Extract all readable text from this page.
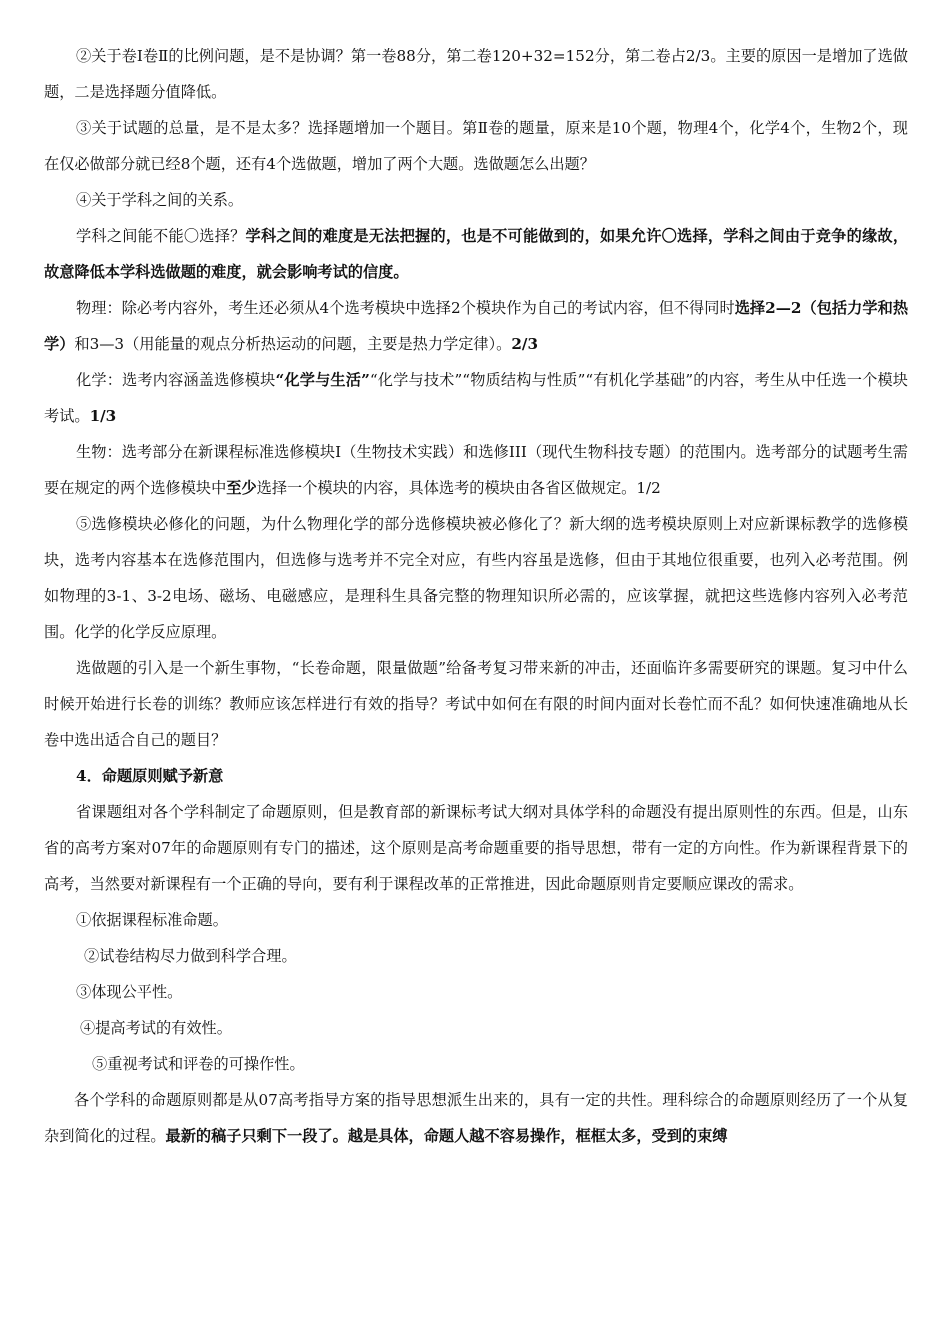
②关于卷Ⅰ卷Ⅱ的比例问题，是不是协调？第一卷88分，第二卷120+32=152分，第二卷占2/3。主要的原因一是增加了选做题，二是选择题分值降低。

③关于试题的总量，是不是太多？选择题增加一个题目。第Ⅱ卷的题量，原来是10个题，物理4个，化学4个，生物2个，现在仅必做部分就已经8个题，还有4个选做题，增加了两个大题。选做题怎么出题？

④关于学科之间的关系。

学科之间能不能〇选择？学科之间的难度是无法把握的，也是不可能做到的，如果允许〇选择，学科之间由于竞争的缘故，故意降低本学科选做题的难度，就会影响考试的信度。

物理：除必考内容外，考生还必须从4个选考模块中选择2个模块作为自己的考试内容，但不得同时选择2—2（包括力学和热学）和3—3（用能量的观点分析热运动的问题，主要是热力学定律）。2/3

化学：选考内容涵盖选修模块“化学与生活”“化学与技术”“物质结构与性质”“有机化学基础”的内容，考生从中任选一个模块考试。1/3

生物：选考部分在新课程标准选修模块I（生物技术实践）和选修III（现代生物科技专题）的范围内。选考部分的试题考生需要在规定的两个选修模块中至少选择一个模块的内容，具体选考的模块由各省区做规定。1/2

⑤选修模块必修化的问题，为什么物理化学的部分选修模块被必修化了？新大纲的选考模块原则上对应新课标教学的选修模块，选考内容基本在选修范围内，但选修与选考并不完全对应，有些内容虽是选修，但由于其地位很重要，也列入必考范围。例如物理的3-1、3-2电场、磁场、电磁感应，是理科生具备完整的物理知识所必需的，应该掌握，就把这些选修内容列入必考范围。化学的化学反应原理。

选做题的引入是一个新生事物，“长卷命题，限量做题”给备考复习带来新的冲击，还面临许多需要研究的课题。复习中什么时候开始进行长卷的训练？教师应该怎样进行有效的指导？考试中如何在有限的时间内面对长卷忙而不乱？如何快速准确地从长卷中选出适合自己的题目？

4．命题原则赋予新意

省课题组对各个学科制定了命题原则，但是教育部的新课标考试大纲对具体学科的命题没有提出原则性的东西。但是，山东省的高考方案对07年的命题原则有专门的描述，这个原则是高考命题重要的指导思想，带有一定的方向性。作为新课程背景下的高考，当然要对新课程有一个正确的导向，要有利于课程改革的正常推进，因此命题原则肯定要顺应课改的需求。

①依据课程标准命题。

②试卷结构尽力做到科学合理。

③体现公平性。

④提高考试的有效性。

⑤重视考试和评卷的可操作性。

各个学科的命题原则都是从07高考指导方案的指导思想派生出来的，具有一定的共性。理科综合的命题原则经历了一个从复杂到简化的过程。最新的稿子只剩下一段了。越是具体，命题人越不容易操作，框框太多，受到的束缚
